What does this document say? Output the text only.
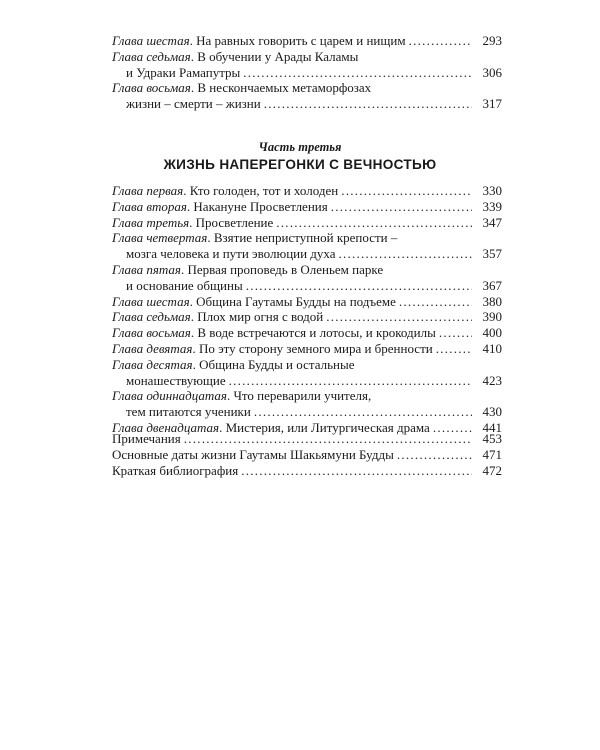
Глава шестая. На равных говорить с царем и нищим . . .	293
Глава седьмая. В обучении у Арады Каламы
и Удраки Рамапутры . . .	306
Глава восьмая. В нескончаемых метаморфозах
жизни – смерти – жизни . . .	317
Часть третья
ЖИЗНЬ НАПЕРЕГОНКИ С ВЕЧНОСТЬЮ
Глава первая. Кто голоден, тот и холоден . . .	330
Глава вторая. Накануне Просветления . . .	339
Глава третья. Просветление . . .	347
Глава четвертая. Взятие неприступной крепости –
мозга человека и пути эволюции духа . . .	357
Глава пятая. Первая проповедь в Оленьем парке
и основание общины . . .	367
Глава шестая. Община Гаутамы Будды на подъеме . . .	380
Глава седьмая. Плох мир огня с водой . . .	390
Глава восьмая. В воде встречаются и лотосы, и крокодилы . . .	400
Глава девятая. По эту сторону земного мира и бренности . . .	410
Глава десятая. Община Будды и остальные
монашествующие . . .	423
Глава одиннадцатая. Что переварили учителя,
тем питаются ученики . . .	430
Глава двенадцатая. Мистерия, или Литургическая драма . . .	441
Примечания . . .	453
Основные даты жизни Гаутамы Шакьямуни Будды . . .	471
Краткая библиография . . .	472
